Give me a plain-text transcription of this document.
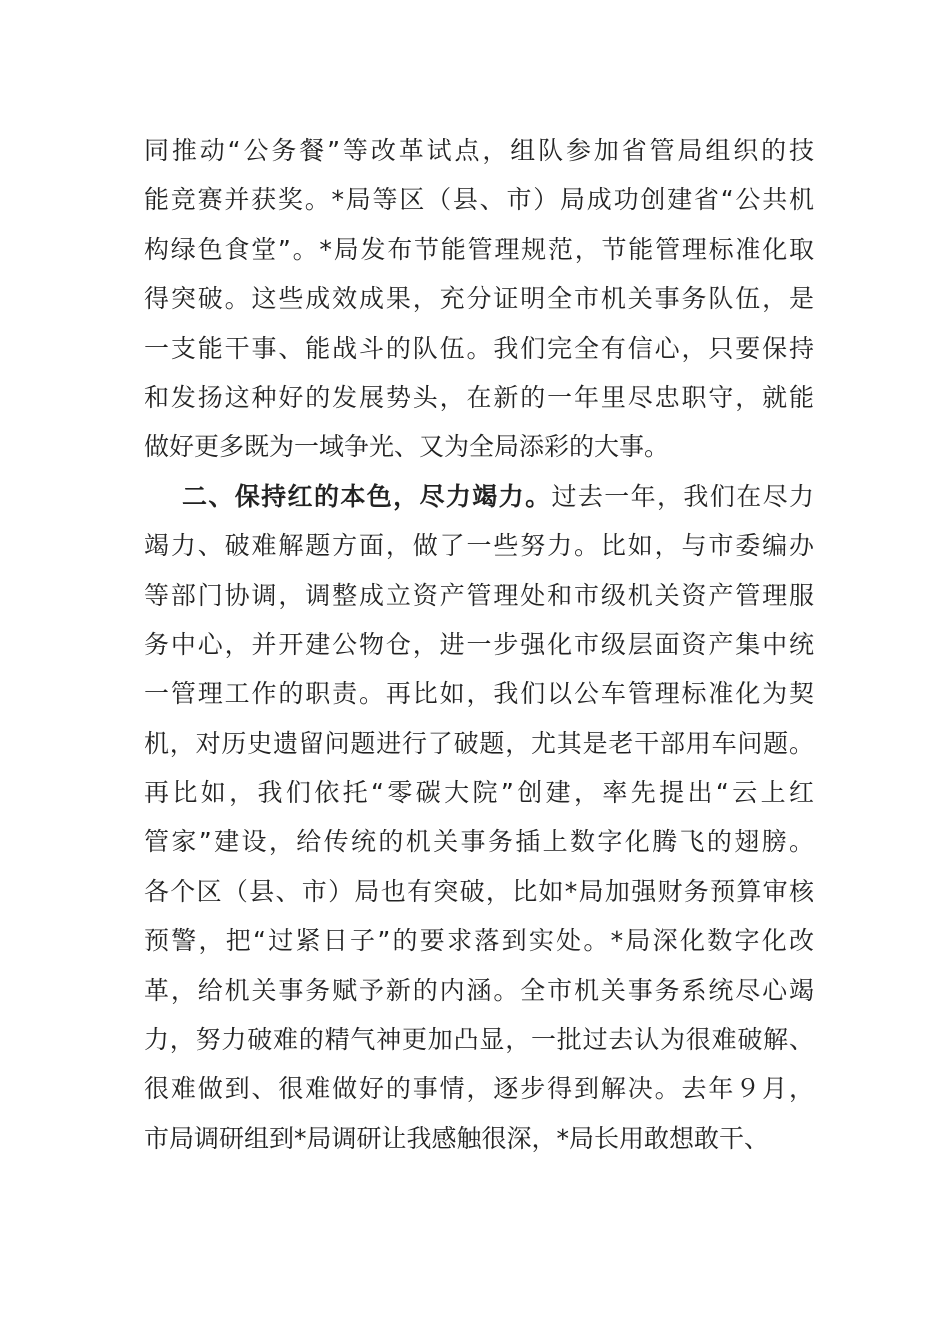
同推动“公务餐”等改革试点，组队参加省管局组织的技
能竞赛并获奖。*局等区（县、市）局成功创建省“公共机
构绿色食堂”。*局发布节能管理规范，节能管理标准化取
得突破。这些成效成果，充分证明全市机关事务队伍，是
一支能干事、能战斗的队伍。我们完全有信心，只要保持
和发扬这种好的发展势头，在新的一年里尽忠职守，就能
做好更多既为一域争光、又为全局添彩的大事。
二、保持红的本色，尽力竭力。过去一年，我们在尽力
竭力、破难解题方面，做了一些努力。比如，与市委编办
等部门协调，调整成立资产管理处和市级机关资产管理服
务中心，并开建公物仓，进一步强化市级层面资产集中统
一管理工作的职责。再比如，我们以公车管理标准化为契
机，对历史遗留问题进行了破题，尤其是老干部用车问题。
再比如，我们依托“零碳大院”创建，率先提出“云上红
管家”建设，给传统的机关事务插上数字化腾飞的翅膀。
各个区（县、市）局也有突破，比如*局加强财务预算审核
预警，把“过紧日子”的要求落到实处。*局深化数字化改
革，给机关事务赋予新的内涵。全市机关事务系统尽心竭
力，努力破难的精气神更加凸显，一批过去认为很难破解、
很难做到、很难做好的事情，逐步得到解决。去年９月，
市局调研组到*局调研让我感触很深，*局长用敢想敢干、
